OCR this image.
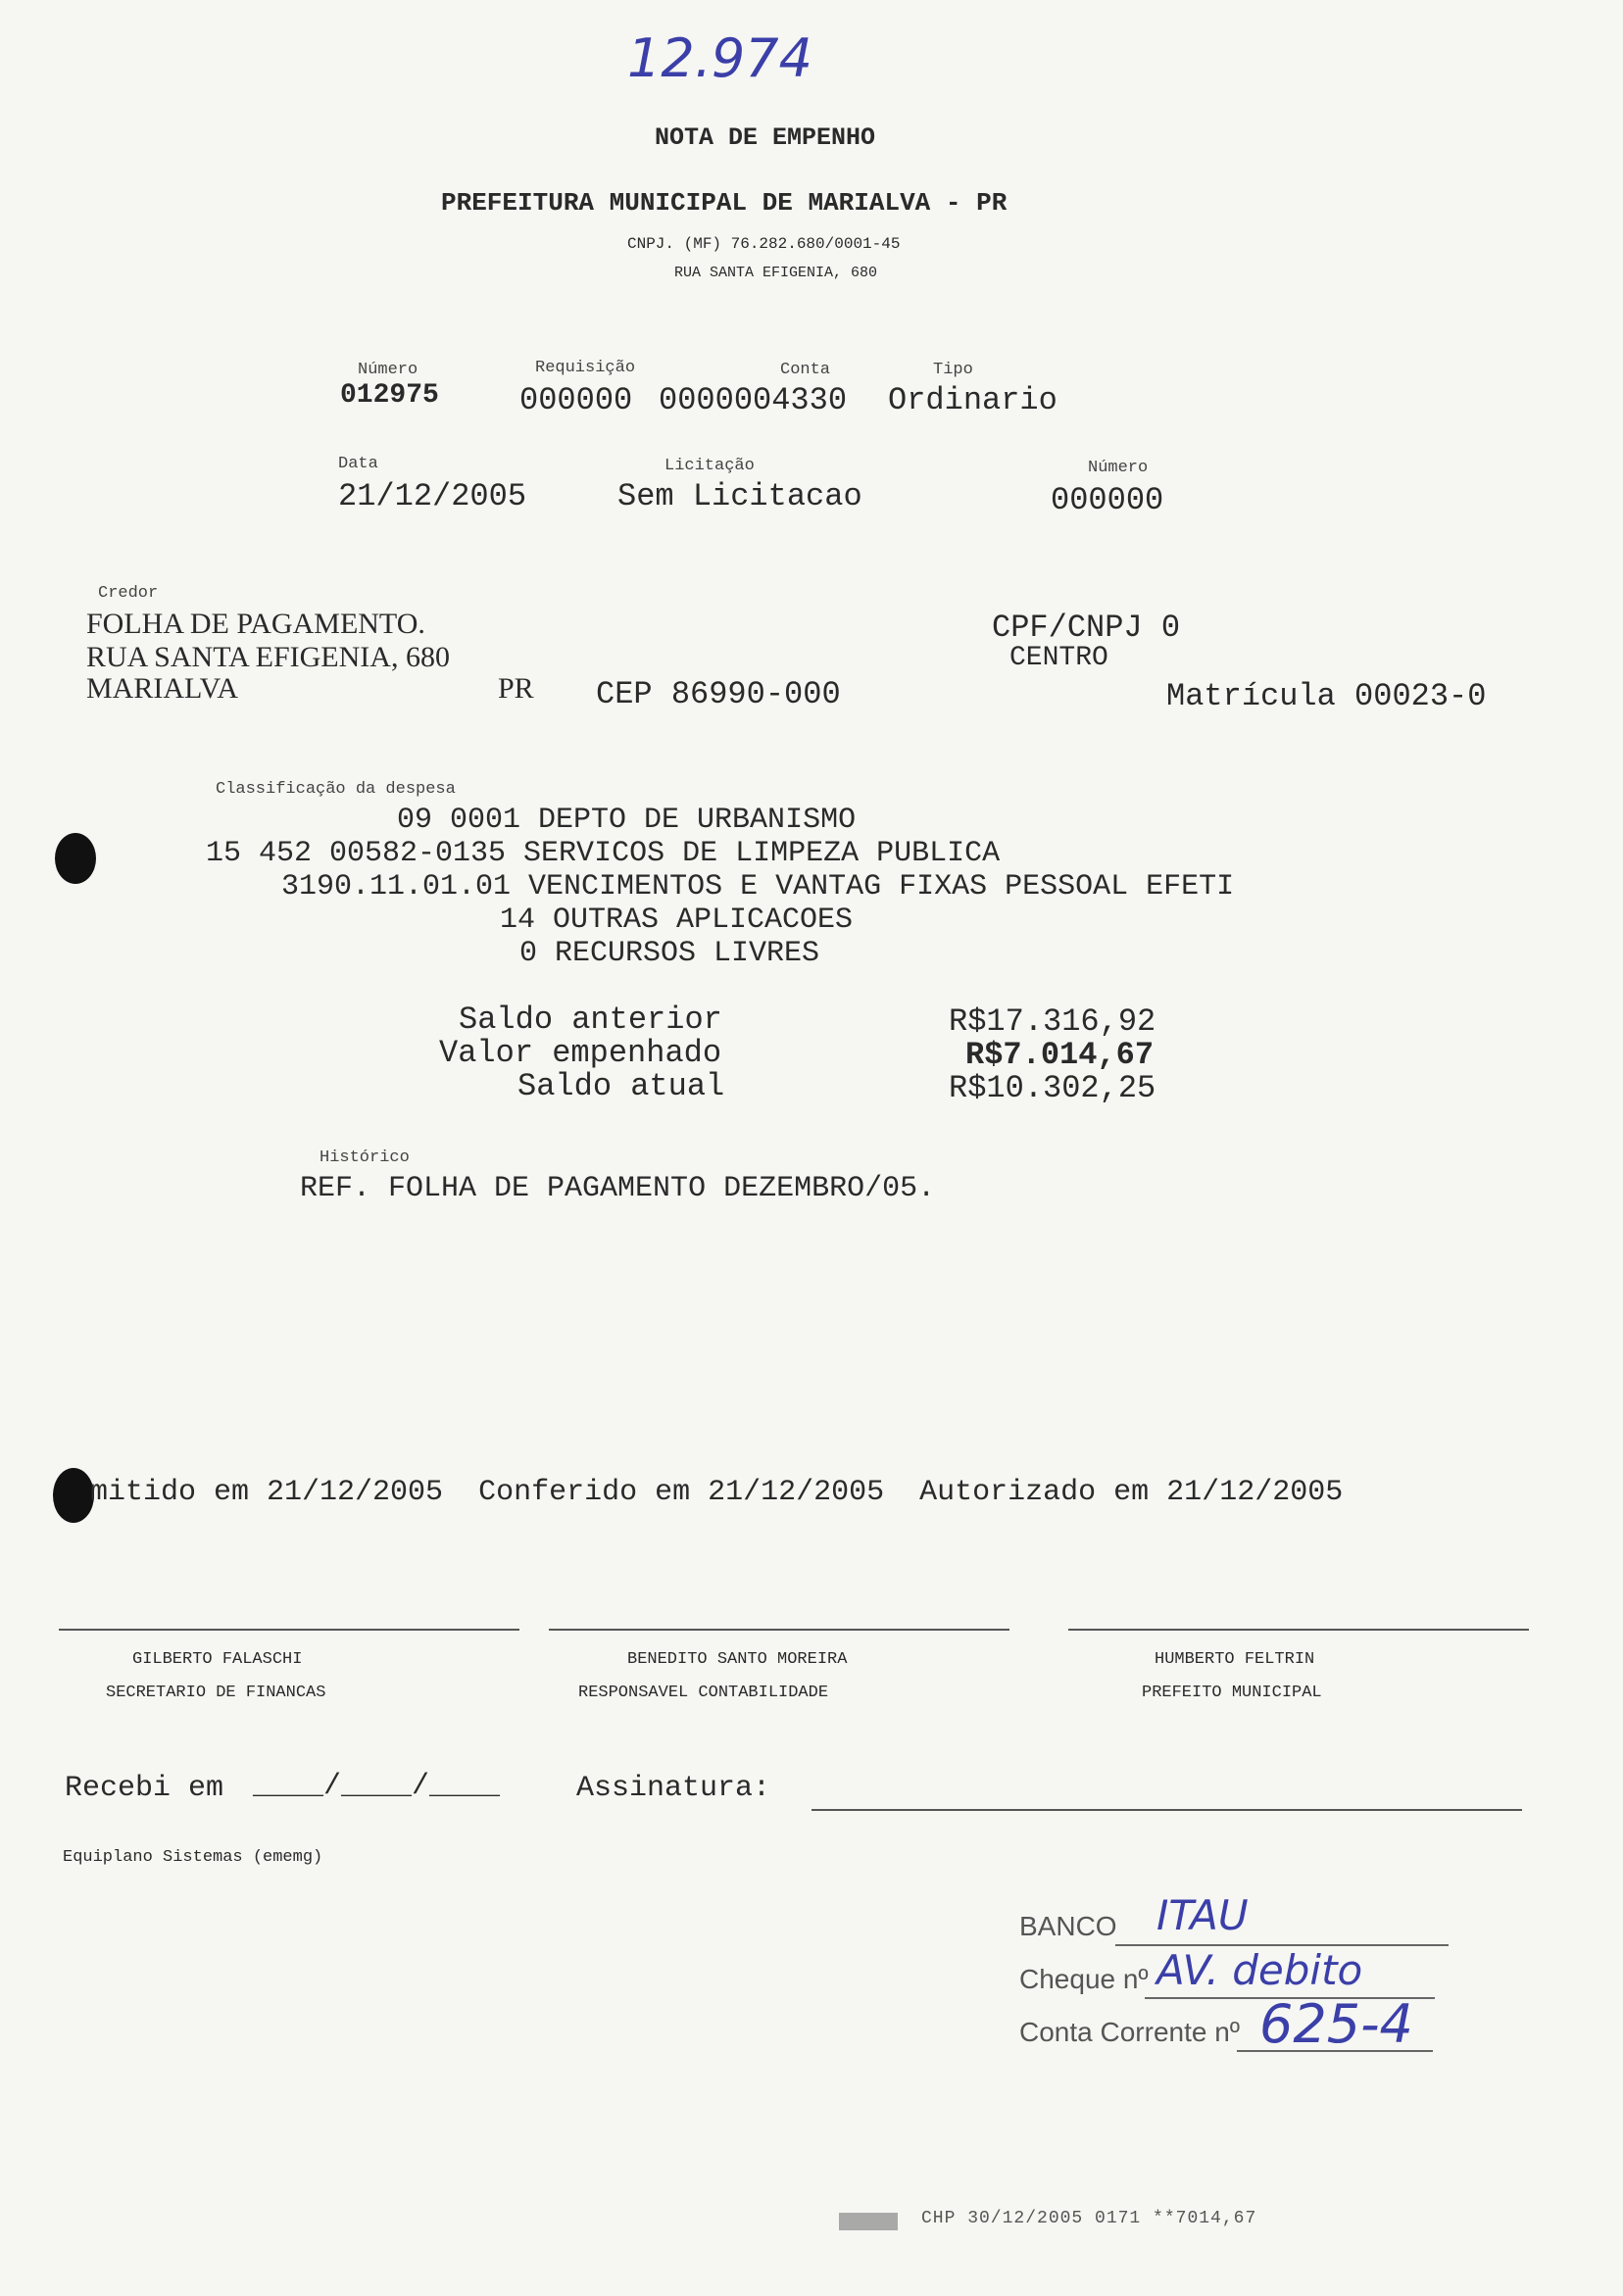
12.974
NOTA DE EMPENHO
PREFEITURA MUNICIPAL DE MARIALVA - PR
CNPJ. (MF) 76.282.680/0001-45
RUA SANTA EFIGENIA, 680
Número
012975
Requisição
000000
Conta
0000004330
Tipo
Ordinario
Data
21/12/2005
Licitação
Sem Licitacao
Número
000000
Credor
FOLHA DE PAGAMENTO.
RUA SANTA EFIGENIA, 680
MARIALVA	PR CEP 86990-000
CPF/CNPJ 0
CENTRO
Matrícula 00023-0
Classificação da despesa
09 0001 DEPTO DE URBANISMO
15 452 00582-0135 SERVICOS DE LIMPEZA PUBLICA
3190.11.01.01 VENCIMENTOS E VANTAG FIXAS PESSOAL EFETI
14 OUTRAS APLICACOES
0 RECURSOS LIVRES
Saldo anterior	R$17.316,92
Valor empenhado	R$7.014,67
Saldo atual	R$10.302,25
Histórico
REF. FOLHA DE PAGAMENTO DEZEMBRO/05.
mitido em 21/12/2005  Conferido em 21/12/2005  Autorizado em 21/12/2005
GILBERTO FALASCHI
SECRETARIO DE FINANCAS
BENEDITO SANTO MOREIRA
RESPONSAVEL CONTABILIDADE
HUMBERTO FELTRIN
PREFEITO MUNICIPAL
Recebi em ____/____/____	Assinatura:
Equiplano Sistemas (ememg)
BANCO ITAU
Cheque nº AV. debito
Conta Corrente nº 625-4
CHP 30/12/2005 0171 **7014,67
